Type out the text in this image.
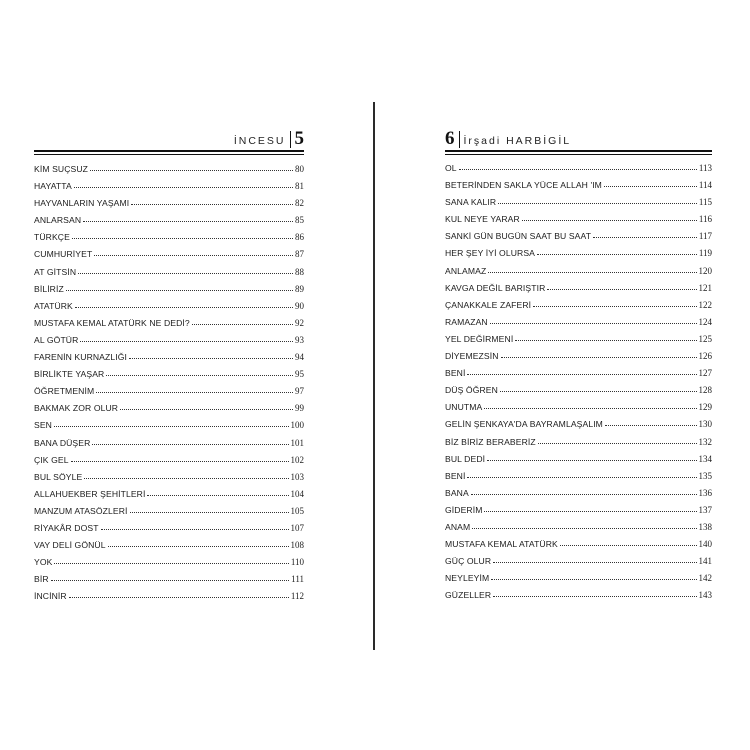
İNCESU 5
KİM SUÇSUZ	80
HAYATTA	81
HAYVANLARIN YAŞAMI	82
ANLARSAN	85
TÜRKÇE	86
CUMHURİYET	87
AT GİTSİN	88
BİLİRİZ	89
ATATÜRK	90
MUSTAFA KEMAL ATATÜRK NE DEDİ?	92
AL GÖTÜR	93
FARENİN KURNAZLIĞI	94
BİRLİKTE YAŞAR	95
ÖĞRETMENİM	97
BAKMAK ZOR OLUR	99
SEN	100
BANA DÜŞER	101
ÇIK GEL	102
BUL SÖYLE	103
ALLAHUEKBER ŞEHİTLERİ	104
MANZUM ATASÖZLERİ	105
RİYAKÂR DOST	107
VAY DELİ GÖNÜL	108
YOK	110
BİR	111
İNCİNİR	112
6 İrşadi HARBİGİL
OL	113
BETERİNDEN SAKLA YÜCE ALLAH 'IM	114
SANA KALIR	115
KUL NEYE YARAR	116
SANKİ GÜN BUGÜN SAAT BU SAAT	117
HER ŞEY İYİ OLURSA	119
ANLAMAZ	120
KAVGA DEĞİL BARIŞTIR	121
ÇANAKKALE ZAFERİ	122
RAMAZAN	124
YEL DEĞİRMENİ	125
DİYEMEZSİN	126
BENİ	127
DÜŞ ÖĞREN	128
UNUTMA	129
GELİN ŞENKAYA'DA BAYRAMLAŞALIM	130
BİZ BİRİZ BERABERİZ	132
BUL DEDİ	134
BENİ	135
BANA	136
GİDERİM	137
ANAM	138
MUSTAFA KEMAL ATATÜRK	140
GÜÇ OLUR	141
NEYLEYİM	142
GÜZELLER	143
